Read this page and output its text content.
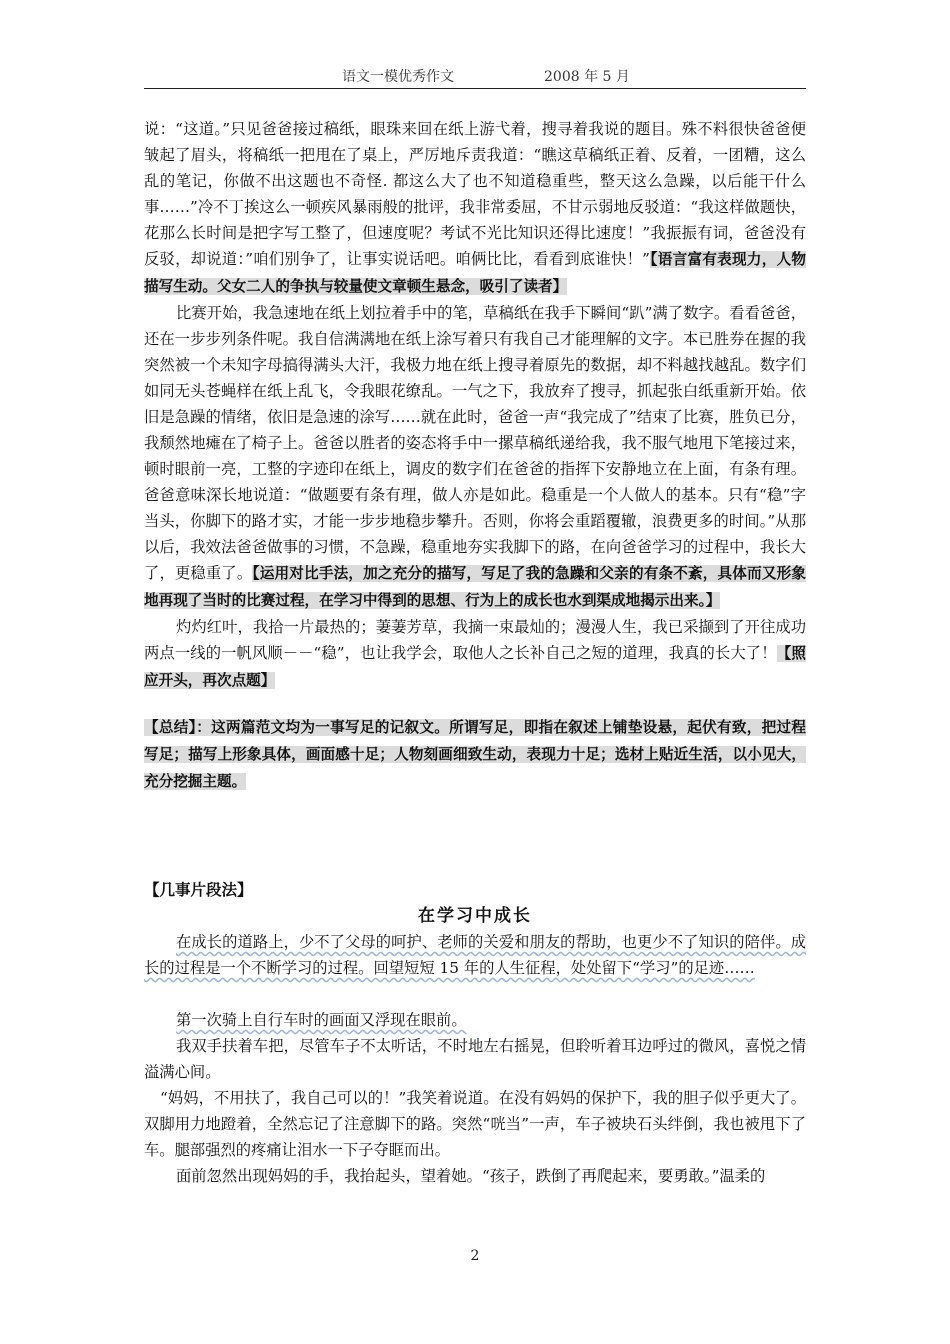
语文一模优秀作文	2008 年 5 月

说：“这道。”只见爸爸接过稿纸，眼珠来回在纸上游弋着，搜寻着我说的题目。殊不料很快爸爸便皱起了眉头，将稿纸一把甩在了桌上，严厉地斥责我道：“瞧这草稿纸正着、反着，一团糟，这么乱的笔记，你做不出这题也不奇怪. 都这么大了也不知道稳重些，整天这么急躁，以后能干什么事……”冷不丁挨这么一顿疾风暴雨般的批评，我非常委屈，不甘示弱地反驳道：“我这样做题快，花那么长时间是把字写工整了，但速度呢？考试不光比知识还得比速度！”我振振有词，爸爸没有反驳，却说道：”咱们别争了，让事实说话吧。咱俩比比，看看到底谁快！”【语言富有表现力，人物描写生动。父女二人的争执与较量使文章顿生悬念，吸引了读者】

比赛开始，我急速地在纸上划拉着手中的笔，草稿纸在我手下瞬间“趴”满了数字。看看爸爸，还在一步步列条件呢。我自信满满地在纸上涂写着只有我自己才能理解的文字。本已胜券在握的我突然被一个未知字母搞得满头大汗，我极力地在纸上搜寻着原先的数据，却不料越找越乱。数字们如同无头苍蝇样在纸上乱飞，令我眼花缭乱。一气之下，我放弃了搜寻，抓起张白纸重新开始。依旧是急躁的情绪，依旧是急速的涂写……就在此时，爸爸一声“我完成了”结束了比赛，胜负已分，我颓然地瘫在了椅子上。爸爸以胜者的姿态将手中一摞草稿纸递给我，我不服气地甩下笔接过来，顿时眼前一亮，工整的字迹印在纸上，调皮的数字们在爸爸的指挥下安静地立在上面，有条有理。爸爸意味深长地说道：“做题要有条有理，做人亦是如此。稳重是一个人做人的基本。只有“稳”字当头，你脚下的路才实，才能一步步地稳步攀升。否则，你将会重蹈覆辙，浪费更多的时间。”从那以后，我效法爸爸做事的习惯，不急躁，稳重地夯实我脚下的路，在向爸爸学习的过程中，我长大了，更稳重了。【运用对比手法，加之充分的描写，写足了我的急躁和父亲的有条不紊，具体而又形象地再现了当时的比赛过程，在学习中得到的思想、行为上的成长也水到渠成地揭示出来。】

灼灼红叶，我拾一片最热的；萋萋芳草，我摘一束最灿的；漫漫人生，我已采撷到了开往成功两点一线的一帆风顺－－“稳”，也让我学会，取他人之长补自己之短的道理，我真的长大了！【照应开头，再次点题】

【总结】：这两篇范文均为一事写足的记叙文。所谓写足，即指在叙述上铺垫设悬，起伏有致，把过程写足；描写上形象具体，画面感十足；人物刻画细致生动，表现力十足；选材上贴近生活，以小见大，充分挖掘主题。

【几事片段法】
在学习中成长

在成长的道路上，少不了父母的呵护、老师的关爱和朋友的帮助，也更少不了知识的陪伴。成长的过程是一个不断学习的过程。回望短短 15 年的人生征程，处处留下“学习”的足迹……

第一次骑上自行车时的画面又浮现在眼前。

我双手扶着车把，尽管车子不太听话，不时地左右摇晃，但聆听着耳边呼过的微风，喜悦之情溢满心间。

“妈妈，不用扶了，我自己可以的！”我笑着说道。在没有妈妈的保护下，我的胆子似乎更大了。双脚用力地蹬着，全然忘记了注意脚下的路。突然“咣当”一声，车子被块石头绊倒，我也被甩下了车。腿部强烈的疼痛让泪水一下子夺眶而出。

面前忽然出现妈妈的手，我抬起头，望着她。“孩子，跌倒了再爬起来，要勇敢。”温柔的

2
